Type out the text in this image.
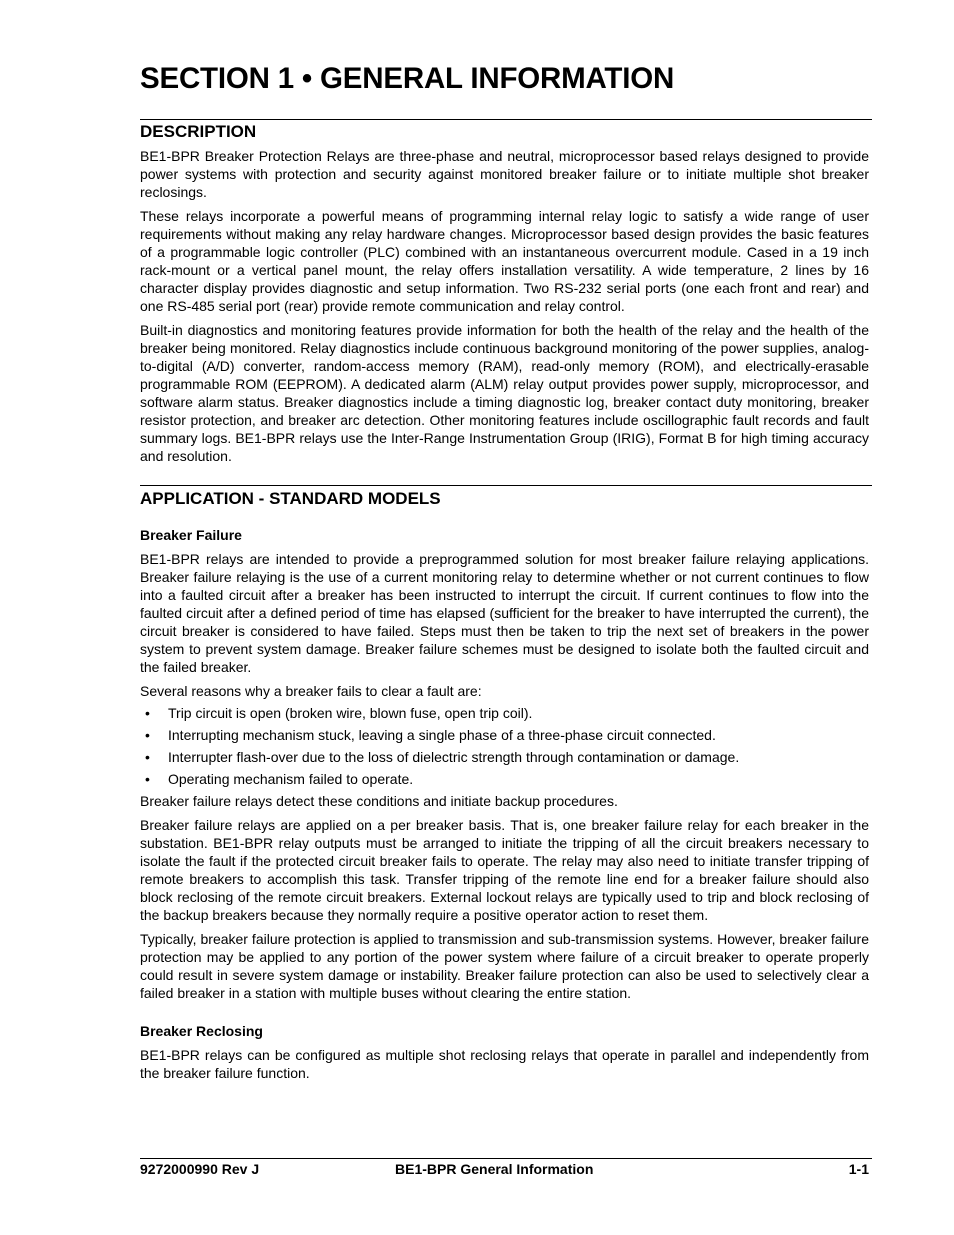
SECTION 1 • GENERAL INFORMATION
DESCRIPTION

BE1-BPR Breaker Protection Relays are three-phase and neutral, microprocessor based relays designed to provide power systems with protection and security against monitored breaker failure or to initiate multiple shot breaker reclosings.

These relays incorporate a powerful means of programming internal relay logic to satisfy a wide range of user requirements without making any relay hardware changes. Microprocessor based design provides the basic features of a programmable logic controller (PLC) combined with an instantaneous overcurrent module. Cased in a 19 inch rack-mount or a vertical panel mount, the relay offers installation versatility. A wide temperature, 2 lines by 16 character display provides diagnostic and setup information. Two RS-232 serial ports (one each front and rear) and one RS-485 serial port (rear) provide remote communication and relay control.

Built-in diagnostics and monitoring features provide information for both the health of the relay and the health of the breaker being monitored. Relay diagnostics include continuous background monitoring of the power supplies, analog-to-digital (A/D) converter, random-access memory (RAM), read-only memory (ROM), and electrically-erasable programmable ROM (EEPROM). A dedicated alarm (ALM) relay output provides power supply, microprocessor, and software alarm status. Breaker diagnostics include a timing diagnostic log, breaker contact duty monitoring, breaker resistor protection, and breaker arc detection. Other monitoring features include oscillographic fault records and fault summary logs. BE1-BPR relays use the Inter-Range Instrumentation Group (IRIG), Format B for high timing accuracy and resolution.

APPLICATION - STANDARD MODELS
Breaker Failure

BE1-BPR relays are intended to provide a preprogrammed solution for most breaker failure relaying applications. Breaker failure relaying is the use of a current monitoring relay to determine whether or not current continues to flow into a faulted circuit after a breaker has been instructed to interrupt the circuit. If current continues to flow into the faulted circuit after a defined period of time has elapsed (sufficient for the breaker to have interrupted the current), the circuit breaker is considered to have failed. Steps must then be taken to trip the next set of breakers in the power system to prevent system damage. Breaker failure schemes must be designed to isolate both the faulted circuit and the failed breaker.

Several reasons why a breaker fails to clear a fault are:

• Trip circuit is open (broken wire, blown fuse, open trip coil).
• Interrupting mechanism stuck, leaving a single phase of a three-phase circuit connected.
• Interrupter flash-over due to the loss of dielectric strength through contamination or damage.
• Operating mechanism failed to operate.

Breaker failure relays detect these conditions and initiate backup procedures.

Breaker failure relays are applied on a per breaker basis. That is, one breaker failure relay for each breaker in the substation. BE1-BPR relay outputs must be arranged to initiate the tripping of all the circuit breakers necessary to isolate the fault if the protected circuit breaker fails to operate. The relay may also need to initiate transfer tripping of remote breakers to accomplish this task. Transfer tripping of the remote line end for a breaker failure should also block reclosing of the remote circuit breakers. External lockout relays are typically used to trip and block reclosing of the backup breakers because they normally require a positive operator action to reset them.

Typically, breaker failure protection is applied to transmission and sub-transmission systems. However, breaker failure protection may be applied to any portion of the power system where failure of a circuit breaker to operate properly could result in severe system damage or instability. Breaker failure protection can also be used to selectively clear a failed breaker in a station with multiple buses without clearing the entire station.

Breaker Reclosing

BE1-BPR relays can be configured as multiple shot reclosing relays that operate in parallel and independently from the breaker failure function.

9272000990 Rev J	BE1-BPR General Information	1-1
